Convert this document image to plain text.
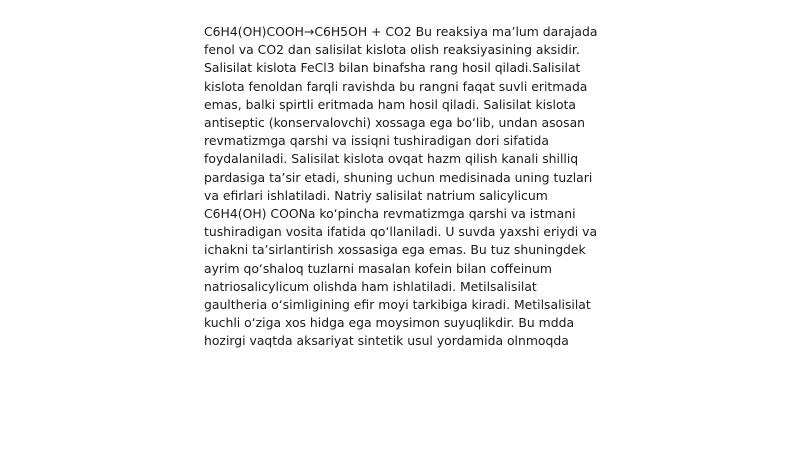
C6H4(OH)COOH→C6H5OH + CO2 Bu reaksiya ma’lum darajada
fenol va CO2 dan salisilat kislota olish reaksiyasining aksidir.
Salisilat kislota FeCl3 bilan binafsha rang hosil qiladi.Salisilat
kislota fenoldan farqli ravishda bu rangni faqat suvli eritmada
emas, balki spirtli eritmada ham hosil qiladi. Salisilat kislota
antiseptic (konservalovchi) xossaga ega bo‘lib, undan asosan
revmatizmga qarshi va issiqni tushiradigan dori sifatida
foydalaniladi. Salisilat kislota ovqat hazm qilish kanali shilliq
pardasiga ta’sir etadi, shuning uchun medisinada uning tuzlari
va efirlari ishlatiladi. Natriy salisilat natrium salicylicum
C6H4(OH) COONa ko‘pincha revmatizmga qarshi va istmani
tushiradigan vosita ifatida qo‘llaniladi. U suvda yaxshi eriydi va
ichakni ta’sirlantirish xossasiga ega emas. Bu tuz shuningdek
ayrim qo‘shaloq tuzlarni masalan kofein bilan coffeinum
natriosalicylicum olishda ham ishlatiladi. Metilsalisilat
gaultheria o‘simligining efir moyi tarkibiga kiradi. Metilsalisilat
kuchli o‘ziga xos hidga ega moysimon suyuqlikdir. Bu mdda
hozirgi vaqtda aksariyat sintetik usul yordamida olnmoqda
